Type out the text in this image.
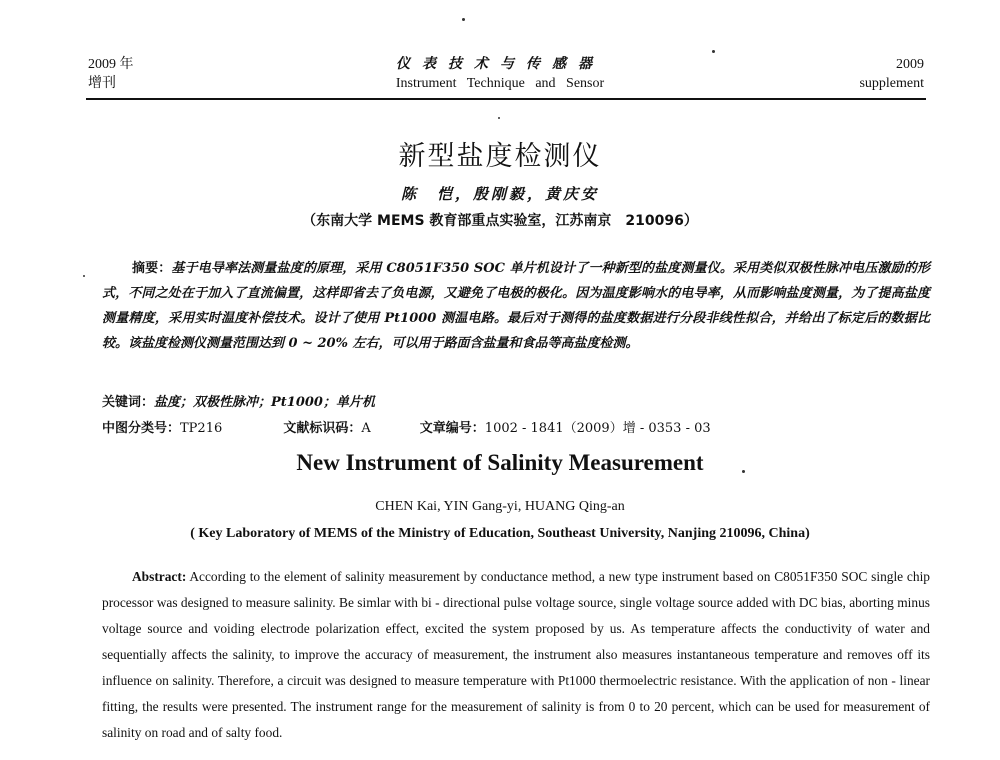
2009 年
增刊
仪表技术与传感器
Instrument   Technique   and   Sensor
2009
supplement
新型盐度检测仪
陈　恺，殷刚毅，黄庆安
（东南大学 MEMS 教育部重点实验室，江苏南京　210096）

摘要：基于电导率法测量盐度的原理，采用 C8051F350 SOC 单片机设计了一种新型的盐度测量仪。采用类似双极性脉冲电压激励的形式，不同之处在于加入了直流偏置，这样即省去了负电源，又避免了电极的极化。因为温度影响水的电导率，从而影响盐度测量，为了提高盐度测量精度，采用实时温度补偿技术。设计了使用 Pt1000 测温电路。最后对于测得的盐度数据进行分段非线性拟合，并给出了标定后的数据比较。该盐度检测仪测量范围达到 0 ~ 20% 左右，可以用于路面含盐量和食品等高盐度检测。

关键词：盐度；双极性脉冲；Pt1000；单片机
中图分类号：TP216	文献标识码：A	文章编号：1002 - 1841（2009）增 - 0353 - 03
New Instrument of Salinity Measurement
CHEN Kai, YIN Gang-yi, HUANG Qing-an
( Key Laboratory of MEMS of the Ministry of Education, Southeast University, Nanjing 210096, China)

Abstract: According to the element of salinity measurement by conductance method, a new type instrument based on C8051F350 SOC single chip processor was designed to measure salinity. Be simlar with bi - directional pulse voltage source, single voltage source added with DC bias, aborting minus voltage source and voiding electrode polarization effect, excited the system proposed by us. As temperature affects the conductivity of water and sequentially affects the salinity, to improve the accuracy of measurement, the instrument also measures instantaneous temperature and removes off its influence on salinity. Therefore, a circuit was designed to measure temperature with Pt1000 thermoelectric resistance. With the application of non - linear fitting, the results were presented. The instrument range for the measurement of salinity is from 0 to 20 percent, which can be used for measurement of salinity on road and of salty food.
